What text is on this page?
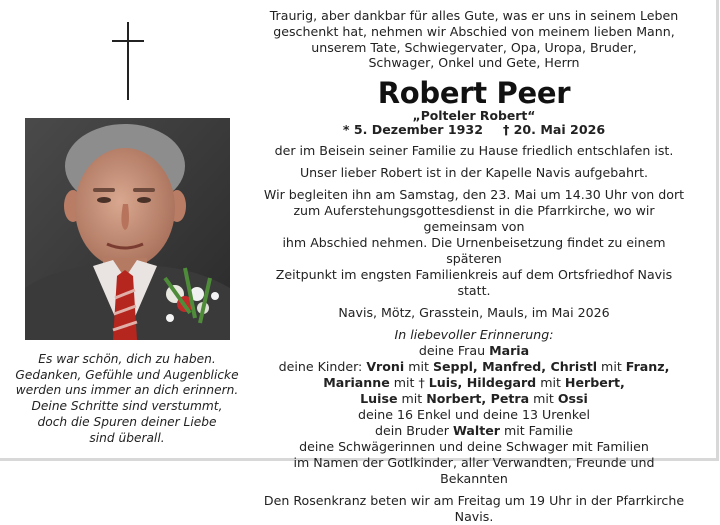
Es war schön, dich zu haben.
Gedanken, Gefühle und Augenblicke
werden uns immer an dich erinnern.
Deine Schritte sind verstummt,
doch die Spuren deiner Liebe
sind überall.
Traurig, aber dankbar für alles Gute, was er uns in seinem Leben
geschenkt hat, nehmen wir Abschied von meinem lieben Mann,
unserem Tate, Schwiegervater, Opa, Uropa, Bruder,
Schwager, Onkel und Gete, Herrn
Robert Peer
„Polteler Robert“
* 5. Dezember 1932 † 20. Mai 2026
der im Beisein seiner Familie zu Hause friedlich entschlafen ist.
Unser lieber Robert ist in der Kapelle Navis aufgebahrt.
Wir begleiten ihn am Samstag, den 23. Mai um 14.30 Uhr von dort
zum Auferstehungsgottesdienst in die Pfarrkirche, wo wir gemeinsam von
ihm Abschied nehmen. Die Urnenbeisetzung findet zu einem späteren
Zeitpunkt im engsten Familienkreis auf dem Ortsfriedhof Navis statt.
Navis, Mötz, Grasstein, Mauls, im Mai 2026
In liebevoller Erinnerung:
deine Frau Maria
deine Kinder: Vroni mit Seppl, Manfred, Christl mit Franz,
Marianne mit † Luis, Hildegard mit Herbert,
Luise mit Norbert, Petra mit Ossi
deine 16 Enkel und deine 13 Urenkel
dein Bruder Walter mit Familie
deine Schwägerinnen und deine Schwager mit Familien
im Namen der Gotlkinder, aller Verwandten, Freunde und Bekannten
Den Rosenkranz beten wir am Freitag um 19 Uhr in der Pfarrkirche Navis.
